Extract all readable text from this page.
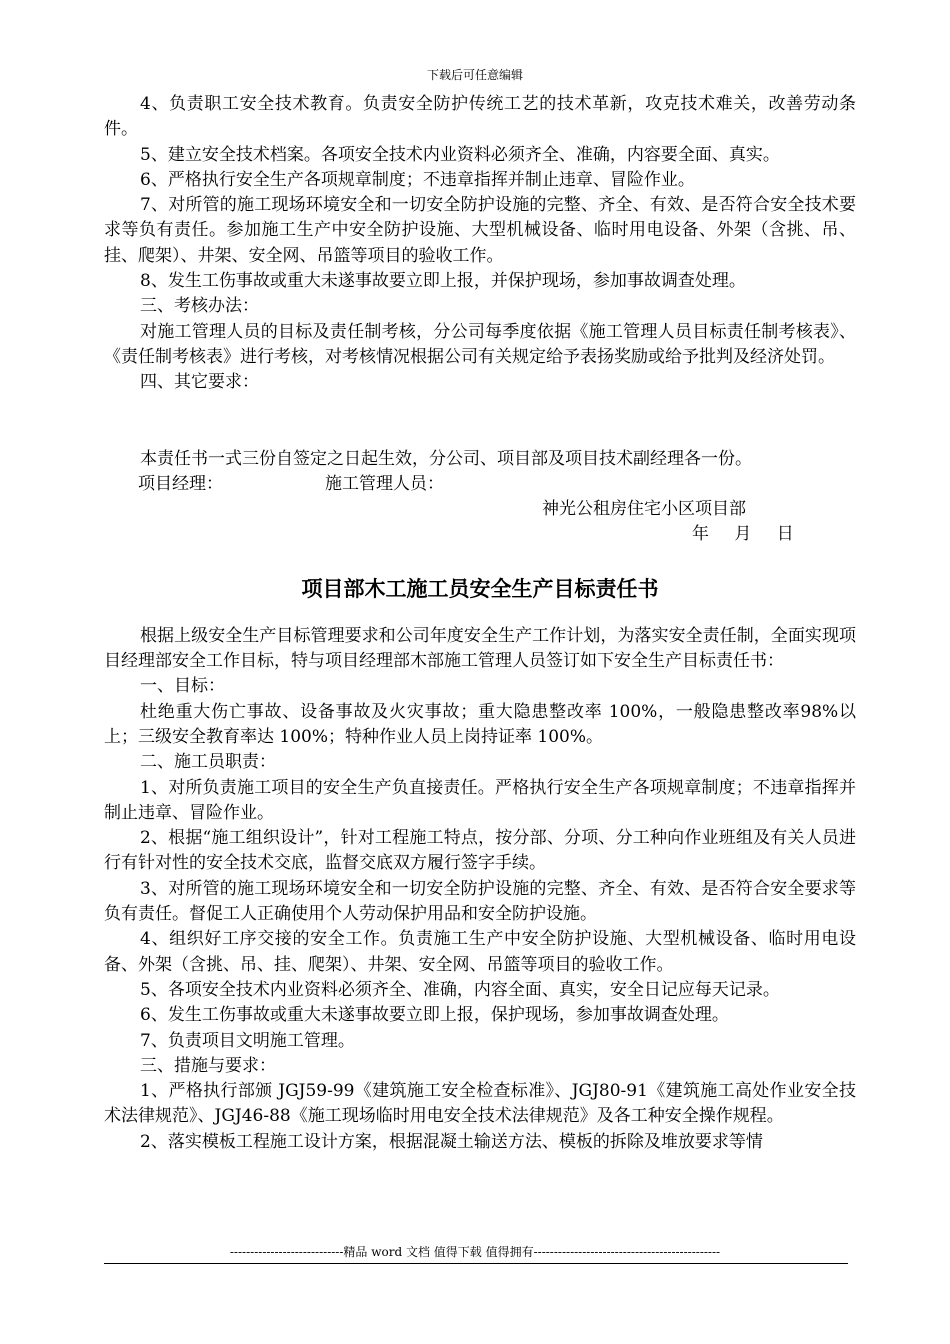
下载后可任意编辑

4、负责职工安全技术教育。负责安全防护传统工艺的技术革新，攻克技术难关，改善劳动条件。

5、建立安全技术档案。各项安全技术内业资料必须齐全、准确，内容要全面、真实。

6、严格执行安全生产各项规章制度；不违章指挥并制止违章、冒险作业。

7、对所管的施工现场环境安全和一切安全防护设施的完整、齐全、有效、是否符合安全技术要求等负有责任。参加施工生产中安全防护设施、大型机械设备、临时用电设备、外架（含挑、吊、挂、爬架）、井架、安全网、吊篮等项目的验收工作。

8、发生工伤事故或重大未遂事故要立即上报，并保护现场，参加事故调查处理。

三、考核办法：

对施工管理人员的目标及责任制考核，分公司每季度依据《施工管理人员目标责任制考核表》、《责任制考核表》进行考核，对考核情况根据公司有关规定给予表扬奖励或给予批判及经济处罚。

四、其它要求：

本责任书一式三份自签定之日起生效，分公司、项目部及项目技术副经理各一份。

项目经理：	施工管理人员：

神光公租房住宅小区项目部

年 月 日

项目部木工施工员安全生产目标责任书

根据上级安全生产目标管理要求和公司年度安全生产工作计划，为落实安全责任制，全面实现项目经理部安全工作目标，特与项目经理部木部施工管理人员签订如下安全生产目标责任书：

一、目标：

杜绝重大伤亡事故、设备事故及火灾事故；重大隐患整改率 100%，一般隐患整改率98%以上；三级安全教育率达 100%；特种作业人员上岗持证率 100%。

二、施工员职责：

1、对所负责施工项目的安全生产负直接责任。严格执行安全生产各项规章制度；不违章指挥并制止违章、冒险作业。

2、根据“施工组织设计”，针对工程施工特点，按分部、分项、分工种向作业班组及有关人员进行有针对性的安全技术交底，监督交底双方履行签字手续。

3、对所管的施工现场环境安全和一切安全防护设施的完整、齐全、有效、是否符合安全要求等负有责任。督促工人正确使用个人劳动保护用品和安全防护设施。

4、组织好工序交接的安全工作。负责施工生产中安全防护设施、大型机械设备、临时用电设备、外架（含挑、吊、挂、爬架）、井架、安全网、吊篮等项目的验收工作。

5、各项安全技术内业资料必须齐全、准确，内容全面、真实，安全日记应每天记录。

6、发生工伤事故或重大未遂事故要立即上报，保护现场，参加事故调查处理。

7、负责项目文明施工管理。

三、措施与要求：

1、严格执行部颁 JGJ59-99《建筑施工安全检查标准》、JGJ80-91《建筑施工高处作业安全技术法律规范》、JGJ46-88《施工现场临时用电安全技术法律规范》及各工种安全操作规程。

2、落实模板工程施工设计方案，根据混凝土输送方法、模板的拆除及堆放要求等情

----------------------------精品 word 文档 值得下载 值得拥有----------------------------------------------
